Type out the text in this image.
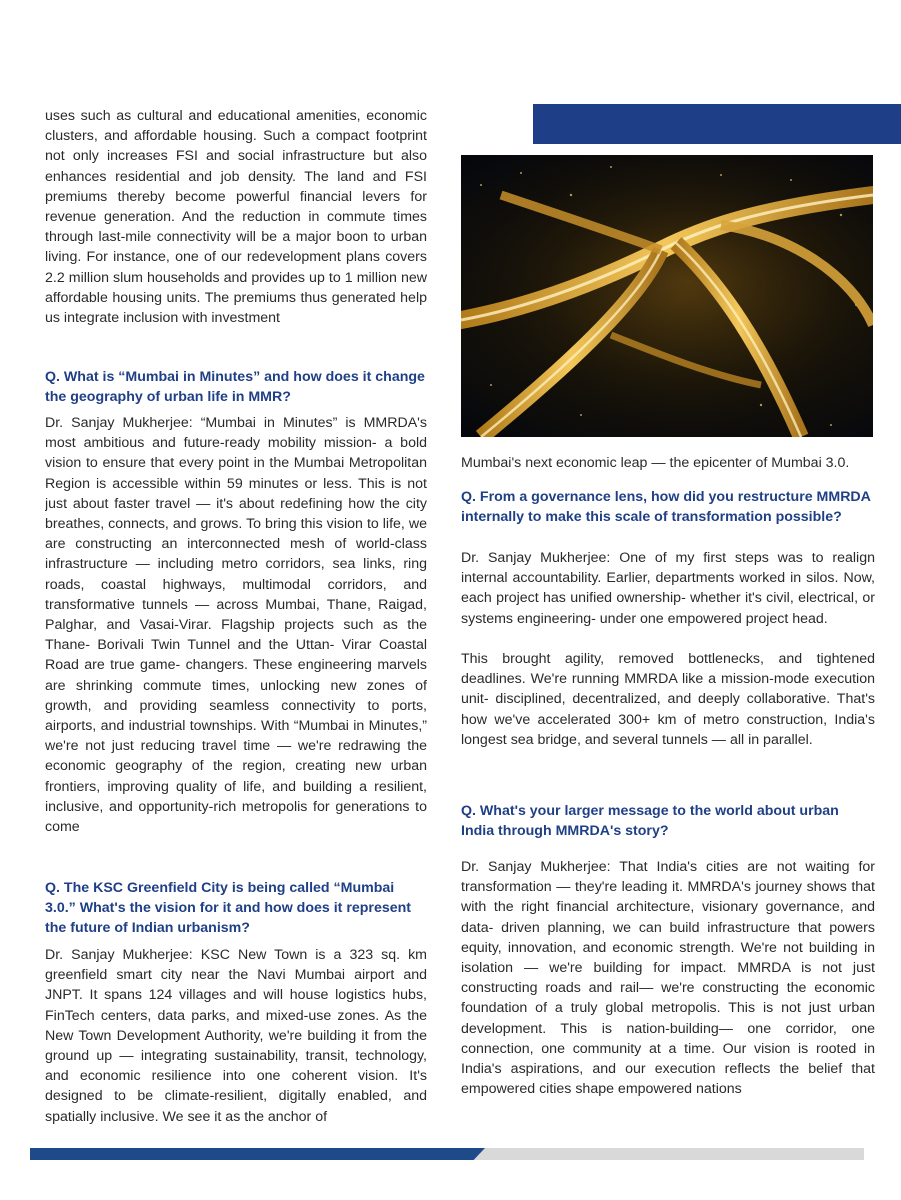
uses such as cultural and educational amenities, economic clusters, and affordable housing. Such a compact footprint not only increases FSI and social infrastructure but also enhances residential and job density. The land and FSI premiums thereby become powerful financial levers for revenue generation. And the reduction in commute times through last-mile connectivity will be a major boon to urban living. For instance, one of our redevelopment plans covers 2.2 million slum households and provides up to 1 million new affordable housing units. The premiums thus generated help us integrate inclusion with investment

Q. What is “Mumbai in Minutes” and how does it change the geography of urban life in MMR?

Dr. Sanjay Mukherjee: “Mumbai in Minutes” is MMRDA's most ambitious and future-ready mobility mission- a bold vision to ensure that every point in the Mumbai Metropolitan Region is accessible within 59 minutes or less. This is not just about faster travel — it's about redefining how the city breathes, connects, and grows. To bring this vision to life, we are constructing an interconnected mesh of world-class infrastructure — including metro corridors, sea links, ring roads, coastal highways, multimodal corridors, and transformative tunnels — across Mumbai, Thane, Raigad, Palghar, and Vasai-Virar. Flagship projects such as the Thane- Borivali Twin Tunnel and the Uttan- Virar Coastal Road are true game- changers. These engineering marvels are shrinking commute times, unlocking new zones of growth, and providing seamless connectivity to ports, airports, and industrial townships. With “Mumbai in Minutes,” we're not just reducing travel time — we're redrawing the economic geography of the region, creating new urban frontiers, improving quality of life, and building a resilient, inclusive, and opportunity-rich metropolis for generations to come

Q. The KSC Greenfield City is being called “Mumbai 3.0.” What's the vision for it and how does it represent the future of Indian urbanism?

Dr. Sanjay Mukherjee: KSC New Town is a 323 sq. km greenfield smart city near the Navi Mumbai airport and JNPT. It spans 124 villages and will house logistics hubs, FinTech centers, data parks, and mixed-use zones. As the New Town Development Authority, we're building it from the ground up — integrating sustainability, transit, technology, and economic resilience into one coherent vision. It's designed to be climate-resilient, digitally enabled, and spatially inclusive. We see it as the anchor of

Mumbai's next economic leap — the epicenter of Mumbai 3.0.

Q. From a governance lens, how did you restructure MMRDA internally to make this scale of transformation possible?

Dr. Sanjay Mukherjee: One of my first steps was to realign internal accountability. Earlier, departments worked in silos. Now, each project has unified ownership- whether it's civil, electrical, or systems engineering- under one empowered project head.

This brought agility, removed bottlenecks, and tightened deadlines. We're running MMRDA like a mission-mode execution unit- disciplined, decentralized, and deeply collaborative. That's how we've accelerated 300+ km of metro construction, India's longest sea bridge, and several tunnels — all in parallel.

Q. What's your larger message to the world about urban India through MMRDA's story?

Dr. Sanjay Mukherjee: That India's cities are not waiting for transformation — they're leading it. MMRDA's journey shows that with the right financial architecture, visionary governance, and data- driven planning, we can build infrastructure that powers equity, innovation, and economic strength. We're not building in isolation — we're building for impact. MMRDA is not just constructing roads and rail— we're constructing the economic foundation of a truly global metropolis. This is not just urban development. This is nation-building— one corridor, one connection, one community at a time. Our vision is rooted in India's aspirations, and our execution reflects the belief that empowered cities shape empowered nations
